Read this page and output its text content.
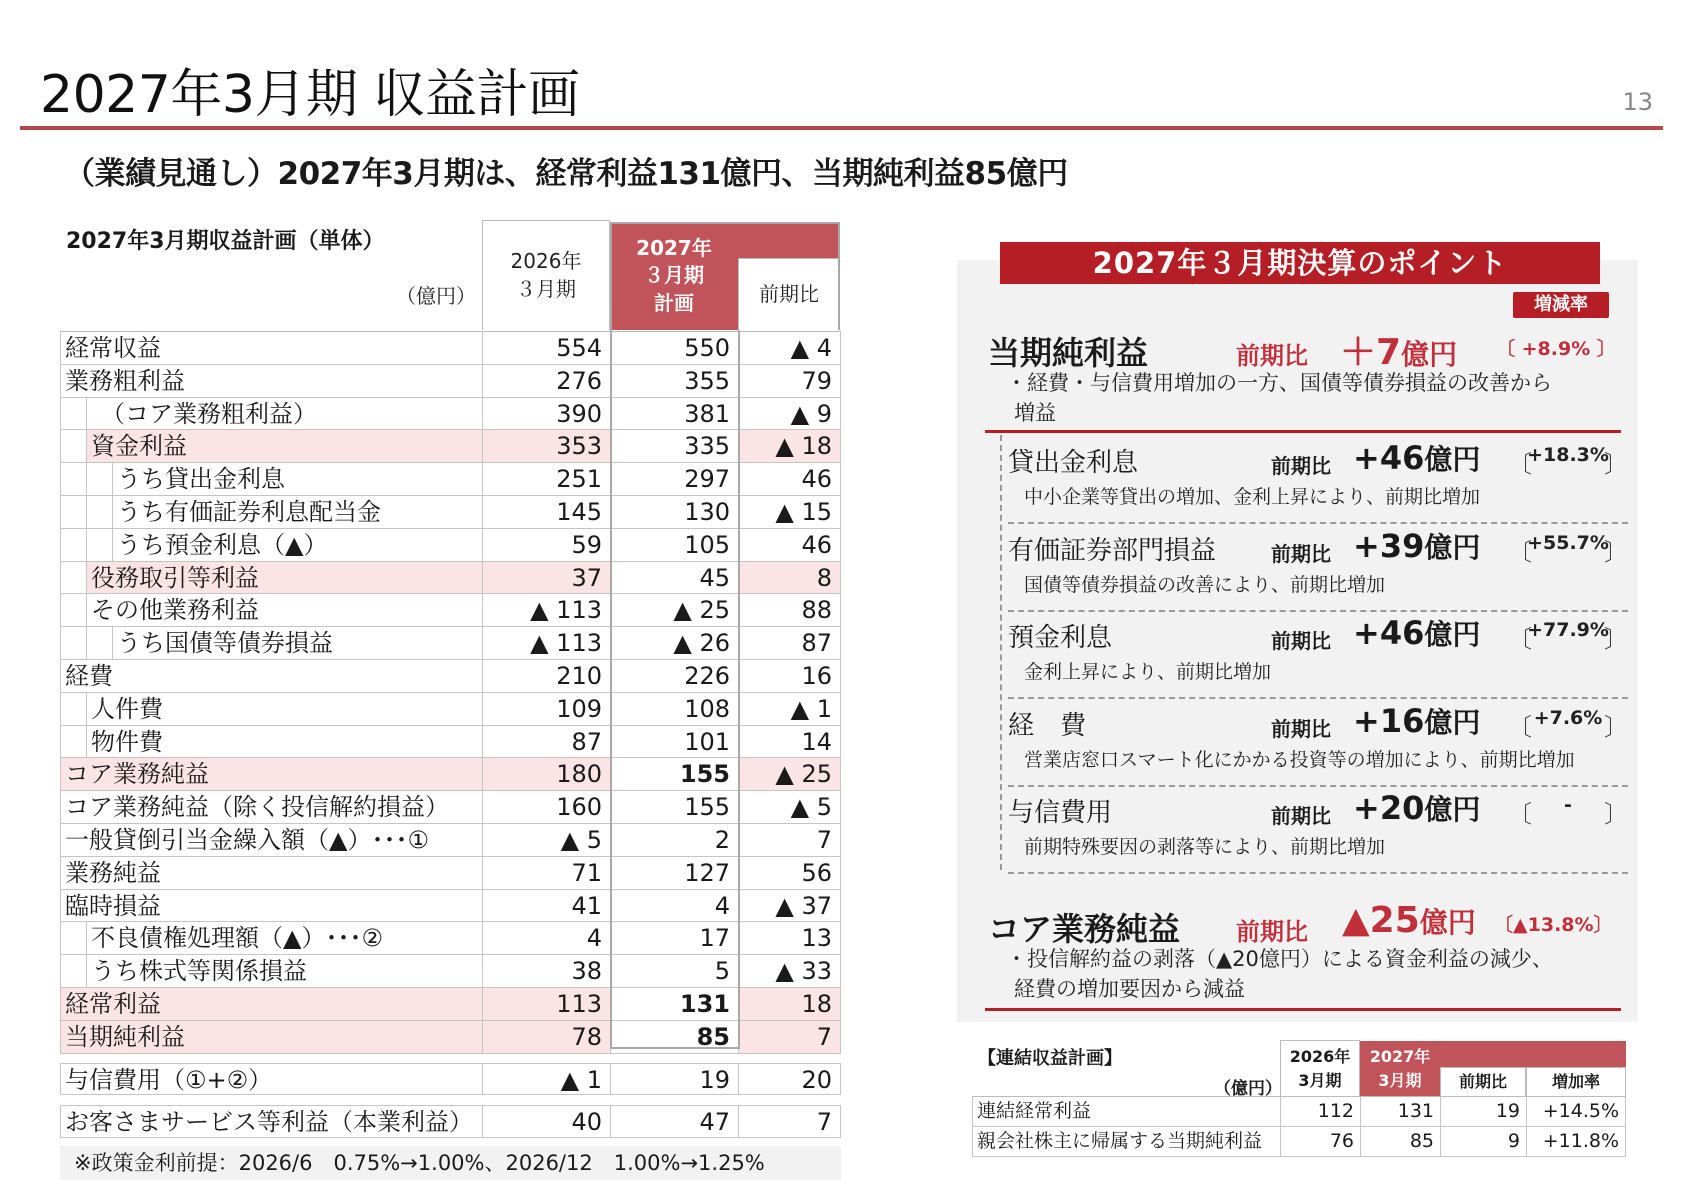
2027年3月期 収益計画	13
（業績見通し）2027年3月期は、経常利益131億円、当期純利益85億円
2027年3月期収益計画（単体）
（億円）
2026年
３月期
2027年
３月期
計画	前期比
経常収益	554	550	▲ 4
業務粗利益	276	355	79
（コア業務粗利益）	390	381	▲ 9
資金利益	353	335	▲ 18
うち貸出金利息	251	297	46
うち有価証券利息配当金	145	130	▲ 15
うち預金利息（▲）	59	105	46
役務取引等利益	37	45	8
その他業務利益	▲ 113	▲ 25	88
うち国債等債券損益	▲ 113	▲ 26	87
経費	210	226	16
人件費	109	108	▲ 1
物件費	87	101	14
コア業務純益	180	155	▲ 25
コア業務純益（除く投信解約損益）	160	155	▲ 5
一般貸倒引当金繰入額（▲）･･･①	▲ 5	2	7
業務純益	71	127	56
臨時損益	41	4	▲ 37
不良債権処理額（▲）･･･②	4	17	13
うち株式等関係損益	38	5	▲ 33
経常利益	113	131	18
当期純利益	78	85	7
与信費用（①+②）	▲ 1	19	20
お客さまサービス等利益（本業利益）	40	47	7
※政策金利前提：2026/6　0.75%→1.00%、2026/12　1.00%→1.25%
2027年３月期決算のポイント
増減率
当期純利益	前期比 ＋7億円 〔 +8.9% 〕
・経費・与信費用増加の一方、国債等債券損益の改善から
増益
貸出金利息	前期比 +46億円 〔
+18.3%
〕
中小企業等貸出の増加、金利上昇により、前期比増加
有価証券部門損益	前期比 +39億円 〔
+55.7%
〕
国債等債券損益の改善により、前期比増加
預金利息	前期比 +46億円 〔
+77.9%
〕
金利上昇により、前期比増加
経　費	前期比 +16億円 〔 +7.6% 〕
営業店窓口スマート化にかかる投資等の増加により、前期比増加
与信費用	前期比 +20億円 〔 - 〕
前期特殊要因の剥落等により、前期比増加
コア業務純益 前期比 ▲25億円 〔▲13.8%〕
・投信解約益の剥落（▲20億円）による資金利益の減少、
経費の増加要因から減益
【連結収益計画】
（億円）
2026年
3月期
2027年
3月期	前期比	増加率
連結経常利益	112	131	19	+14.5%
親会社株主に帰属する当期純利益	76	85	9	+11.8%
